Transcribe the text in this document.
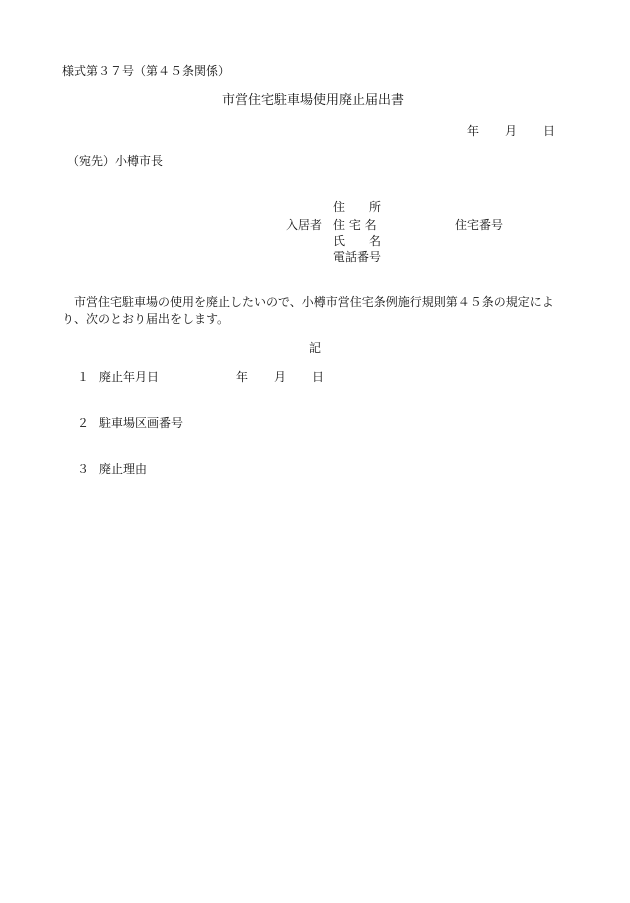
様式第３７号（第４５条関係）
市営住宅駐車場使用廃止届出書
年 月 日
（宛先）小樽市長
住　　所
入居者 住 宅 名	住宅番号
氏　　名
電話番号
市営住宅駐車場の使用を廃止したいので、小樽市営住宅条例施行規則第４５条の規定により、次のとおり届出をします。
記
１ 廃止年月日	年 月 日
２ 駐車場区画番号
３ 廃止理由
